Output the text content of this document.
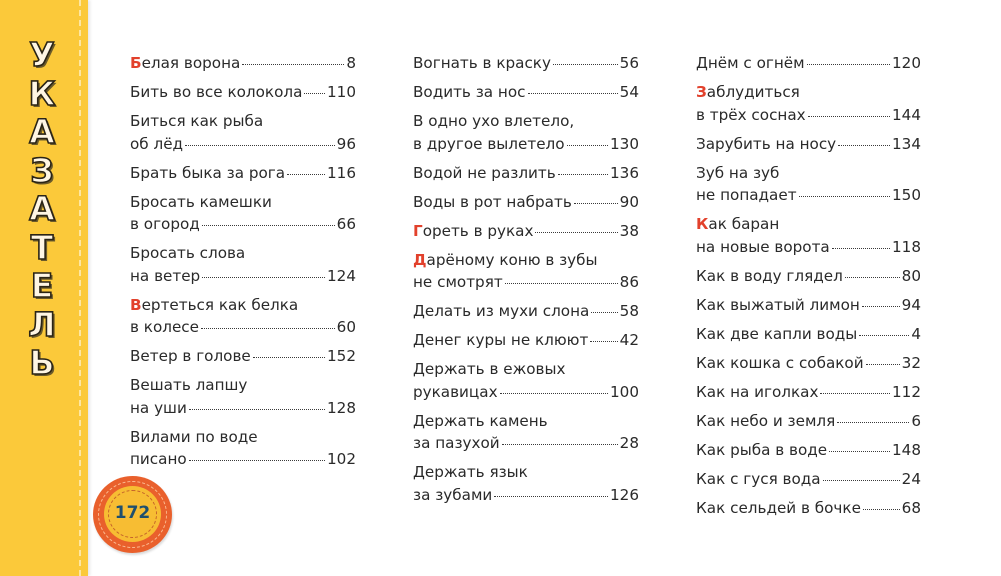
У
К
А
З
А
Т
Е
Л
Ь
172
Белая ворона	8
Бить во все колокола 110
Биться как рыба
об лёд	96
Брать быка за рога	116
Бросать камешки
в огород	66
Бросать слова
на ветер	124
Вертеться как белка
в колесе	60
Ветер в голове	152
Вешать лапшу
на уши	128
Вилами по воде
писано	102
Вогнать в краску	56
Водить за нос	54
В одно ухо влетело,
в другое вылетело	130
Водой не разлить	136
Воды в рот набрать	90
Гореть в руках	38
Дарёному коню в зубы
не смотрят	86
Делать из мухи слона 58
Денег куры не клюют 42
Держать в ежовых
рукавицах	100
Держать камень
за пазухой	28
Держать язык
за зубами	126
Днём с огнём	120
Заблудиться
в трёх соснах	144
Зарубить на носу	134
Зуб на зуб
не попадает	150
Как баран
на новые ворота	118
Как в воду глядел	80
Как выжатый лимон	94
Как две капли воды	4
Как кошка с собакой	32
Как на иголках	112
Как небо и земля	6
Как рыба в воде	148
Как с гуся вода	24
Как сельдей в бочке	68
